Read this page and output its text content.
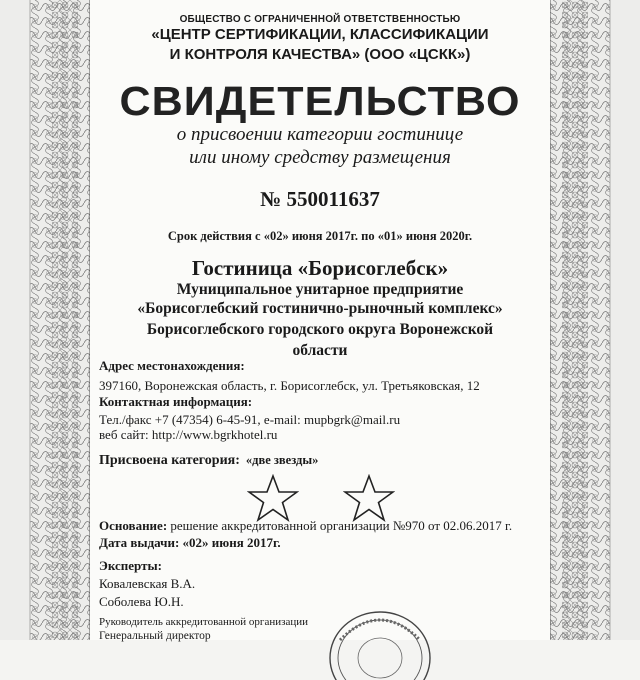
ОБЩЕСТВО С ОГРАНИЧЕННОЙ ОТВЕТСТВЕННОСТЬЮ
«ЦЕНТР СЕРТИФИКАЦИИ, КЛАССИФИКАЦИИ
И КОНТРОЛЯ КАЧЕСТВА» (ООО «ЦСКК»)
СВИДЕТЕЛЬСТВО
о присвоении категории гостинице
или иному средству размещения
№ 550011637
Срок действия с «02» июня 2017г. по «01» июня 2020г.
Гостиница «Борисоглебск»
Муниципальное унитарное предприятие
«Борисоглебский гостинично-рыночный комплекс»
Борисоглебского городского округа Воронежской
области
Адрес местонахождения:
397160, Воронежская область, г. Борисоглебск, ул. Третьяковская, 12
Контактная информация:
Тел./факс +7 (47354) 6-45-91, e-mail: mupbgrk@mail.ru
веб сайт: http://www.bgrkhotel.ru
Присвоена категория: «две звезды»
Основание: решение аккредитованной организации №970 от 02.06.2017 г.
Дата выдачи: «02» июня 2017г.
Эксперты:
Ковалевская В.А.
Соболева Ю.Н.
Руководитель аккредитованной организации
Генеральный директор
